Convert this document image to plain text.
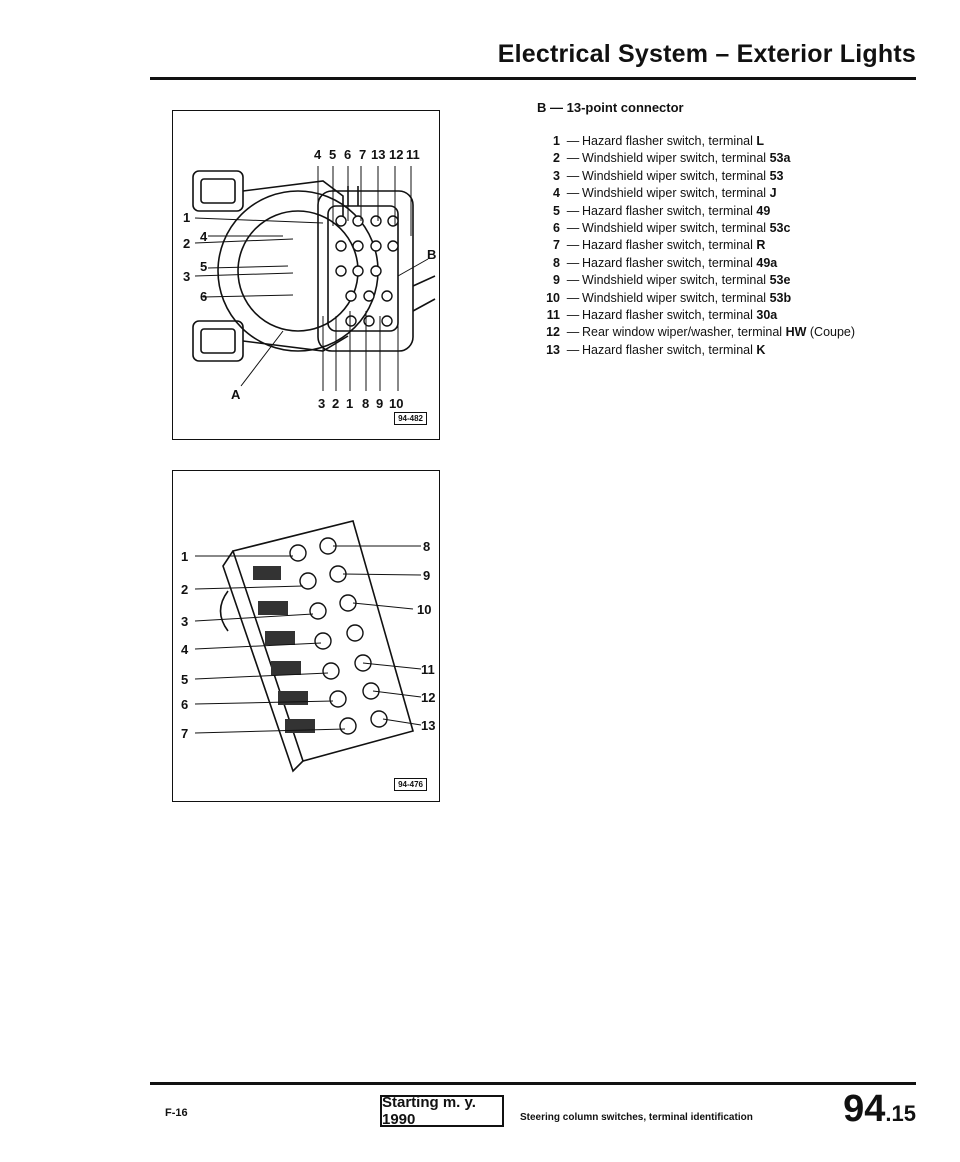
Electrical System – Exterior Lights
4 5 6 7 13 12 11
1
2 4
5
3
6
B
A
3 2 1 8 9 10
94-482
1
2
3
4
5
6
7
8
9
10
11
12
13
94-476
B — 13-point connector
1 — Hazard flasher switch, terminal L
2 — Windshield wiper switch, terminal 53a
3 — Windshield wiper switch, terminal 53
4 — Windshield wiper switch, terminal J
5 — Hazard flasher switch, terminal 49
6 — Windshield wiper switch, terminal 53c
7 — Hazard flasher switch, terminal R
8 — Hazard flasher switch, terminal 49a
9 — Windshield wiper switch, terminal 53e
10 — Windshield wiper switch, terminal 53b
11 — Hazard flasher switch, terminal 30a
12 — Rear window wiper/washer, terminal HW (Coupe)
13 — Hazard flasher switch, terminal K
F-16
Starting m. y. 1990	Steering column switches, terminal identification 94.15
